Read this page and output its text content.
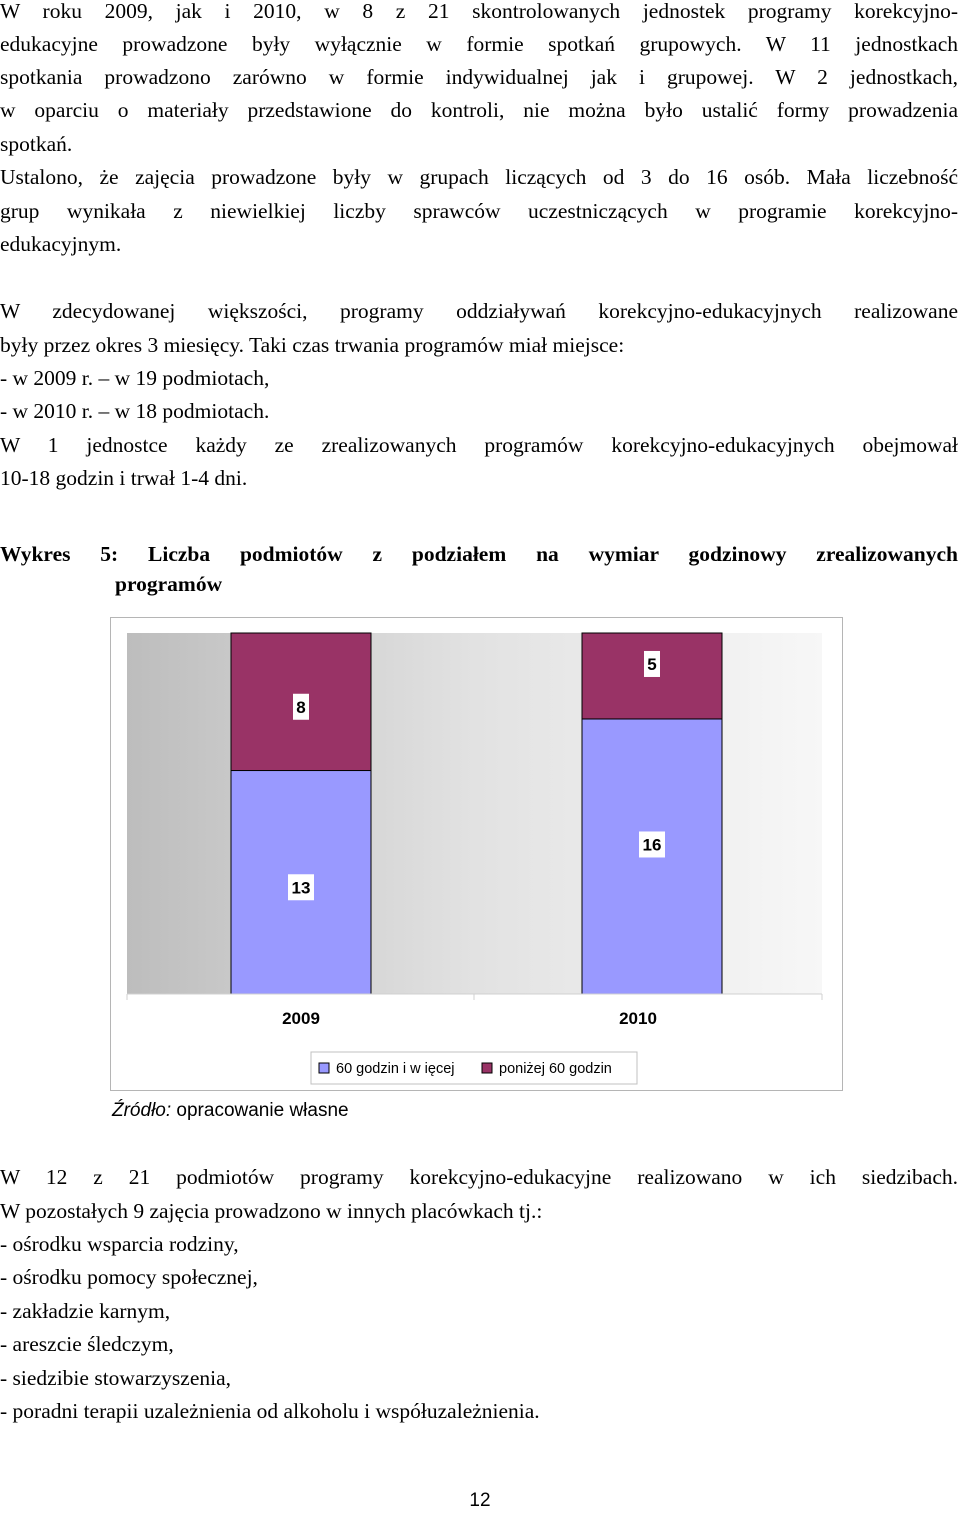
W roku 2009, jak i 2010, w 8 z 21 skontrolowanych jednostek programy korekcyjno-
edukacyjne prowadzone były wyłącznie w formie spotkań grupowych. W 11 jednostkach
spotkania prowadzono zarówno w formie indywidualnej jak i grupowej. W 2 jednostkach,
w oparciu o materiały przedstawione do kontroli, nie można było ustalić formy prowadzenia
spotkań.
Ustalono, że zajęcia prowadzone były w grupach liczących od 3 do 16 osób. Mała liczebność
grup wynikała z niewielkiej liczby sprawców uczestniczących w programie korekcyjno-
edukacyjnym.
W zdecydowanej większości, programy oddziaływań korekcyjno-edukacyjnych realizowane
były przez okres 3 miesięcy. Taki czas trwania programów miał miejsce:
- w 2009 r. – w 19 podmiotach,
- w 2010 r. – w 18 podmiotach.
W 1 jednostce każdy ze zrealizowanych programów korekcyjno-edukacyjnych obejmował
10-18 godzin i trwał 1-4 dni.
Wykres 5: Liczba podmiotów z podziałem na wymiar godzinowy zrealizowanych
programów
13
8
2009
16
5
2010
60 godzin i w ięcej	poniżej 60 godzin
Źródło: opracowanie własne
W 12 z 21 podmiotów programy korekcyjno-edukacyjne realizowano w ich siedzibach.
W pozostałych 9 zajęcia prowadzono w innych placówkach tj.:
- ośrodku wsparcia rodziny,
- ośrodku pomocy społecznej,
- zakładzie karnym,
- areszcie śledczym,
- siedzibie stowarzyszenia,
- poradni terapii uzależnienia od alkoholu i współuzależnienia.
12
